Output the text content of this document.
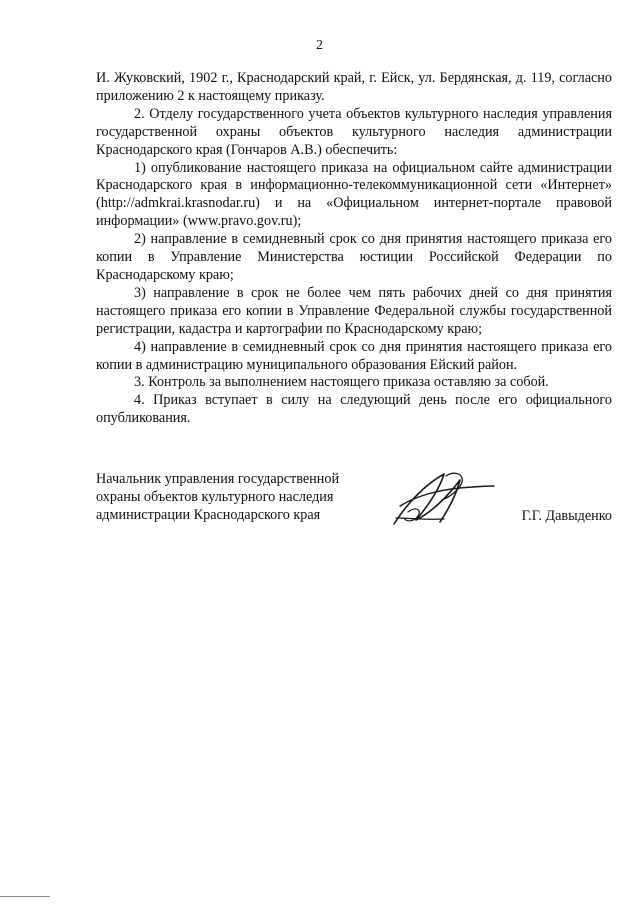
2

И. Жуковский, 1902 г., Краснодарский край, г. Ейск, ул. Бердянская, д. 119, согласно приложению 2 к настоящему приказу.

2. Отделу государственного учета объектов культурного наследия управления государственной охраны объектов культурного наследия администрации Краснодарского края (Гончаров А.В.) обеспечить:

1) опубликование настоящего приказа на официальном сайте администрации Краснодарского края в информационно-телекоммуникационной сети «Интернет» (http://admkrai.krasnodar.ru) и на «Официальном интернет-портале правовой информации» (www.pravo.gov.ru);

2) направление в семидневный срок со дня принятия настоящего приказа его копии в Управление Министерства юстиции Российской Федерации по Краснодарскому краю;

3) направление в срок не более чем пять рабочих дней со дня принятия настоящего приказа его копии в Управление Федеральной службы государственной регистрации, кадастра и картографии по Краснодарскому краю;

4) направление в семидневный срок со дня принятия настоящего приказа его копии в администрацию муниципального образования Ейский район.

3. Контроль за выполнением настоящего приказа оставляю за собой.

4. Приказ вступает в силу на следующий день после его официального опубликования.

Начальник управления государственной
охраны объектов культурного наследия
администрации Краснодарского края	Г.Г. Давыденко
